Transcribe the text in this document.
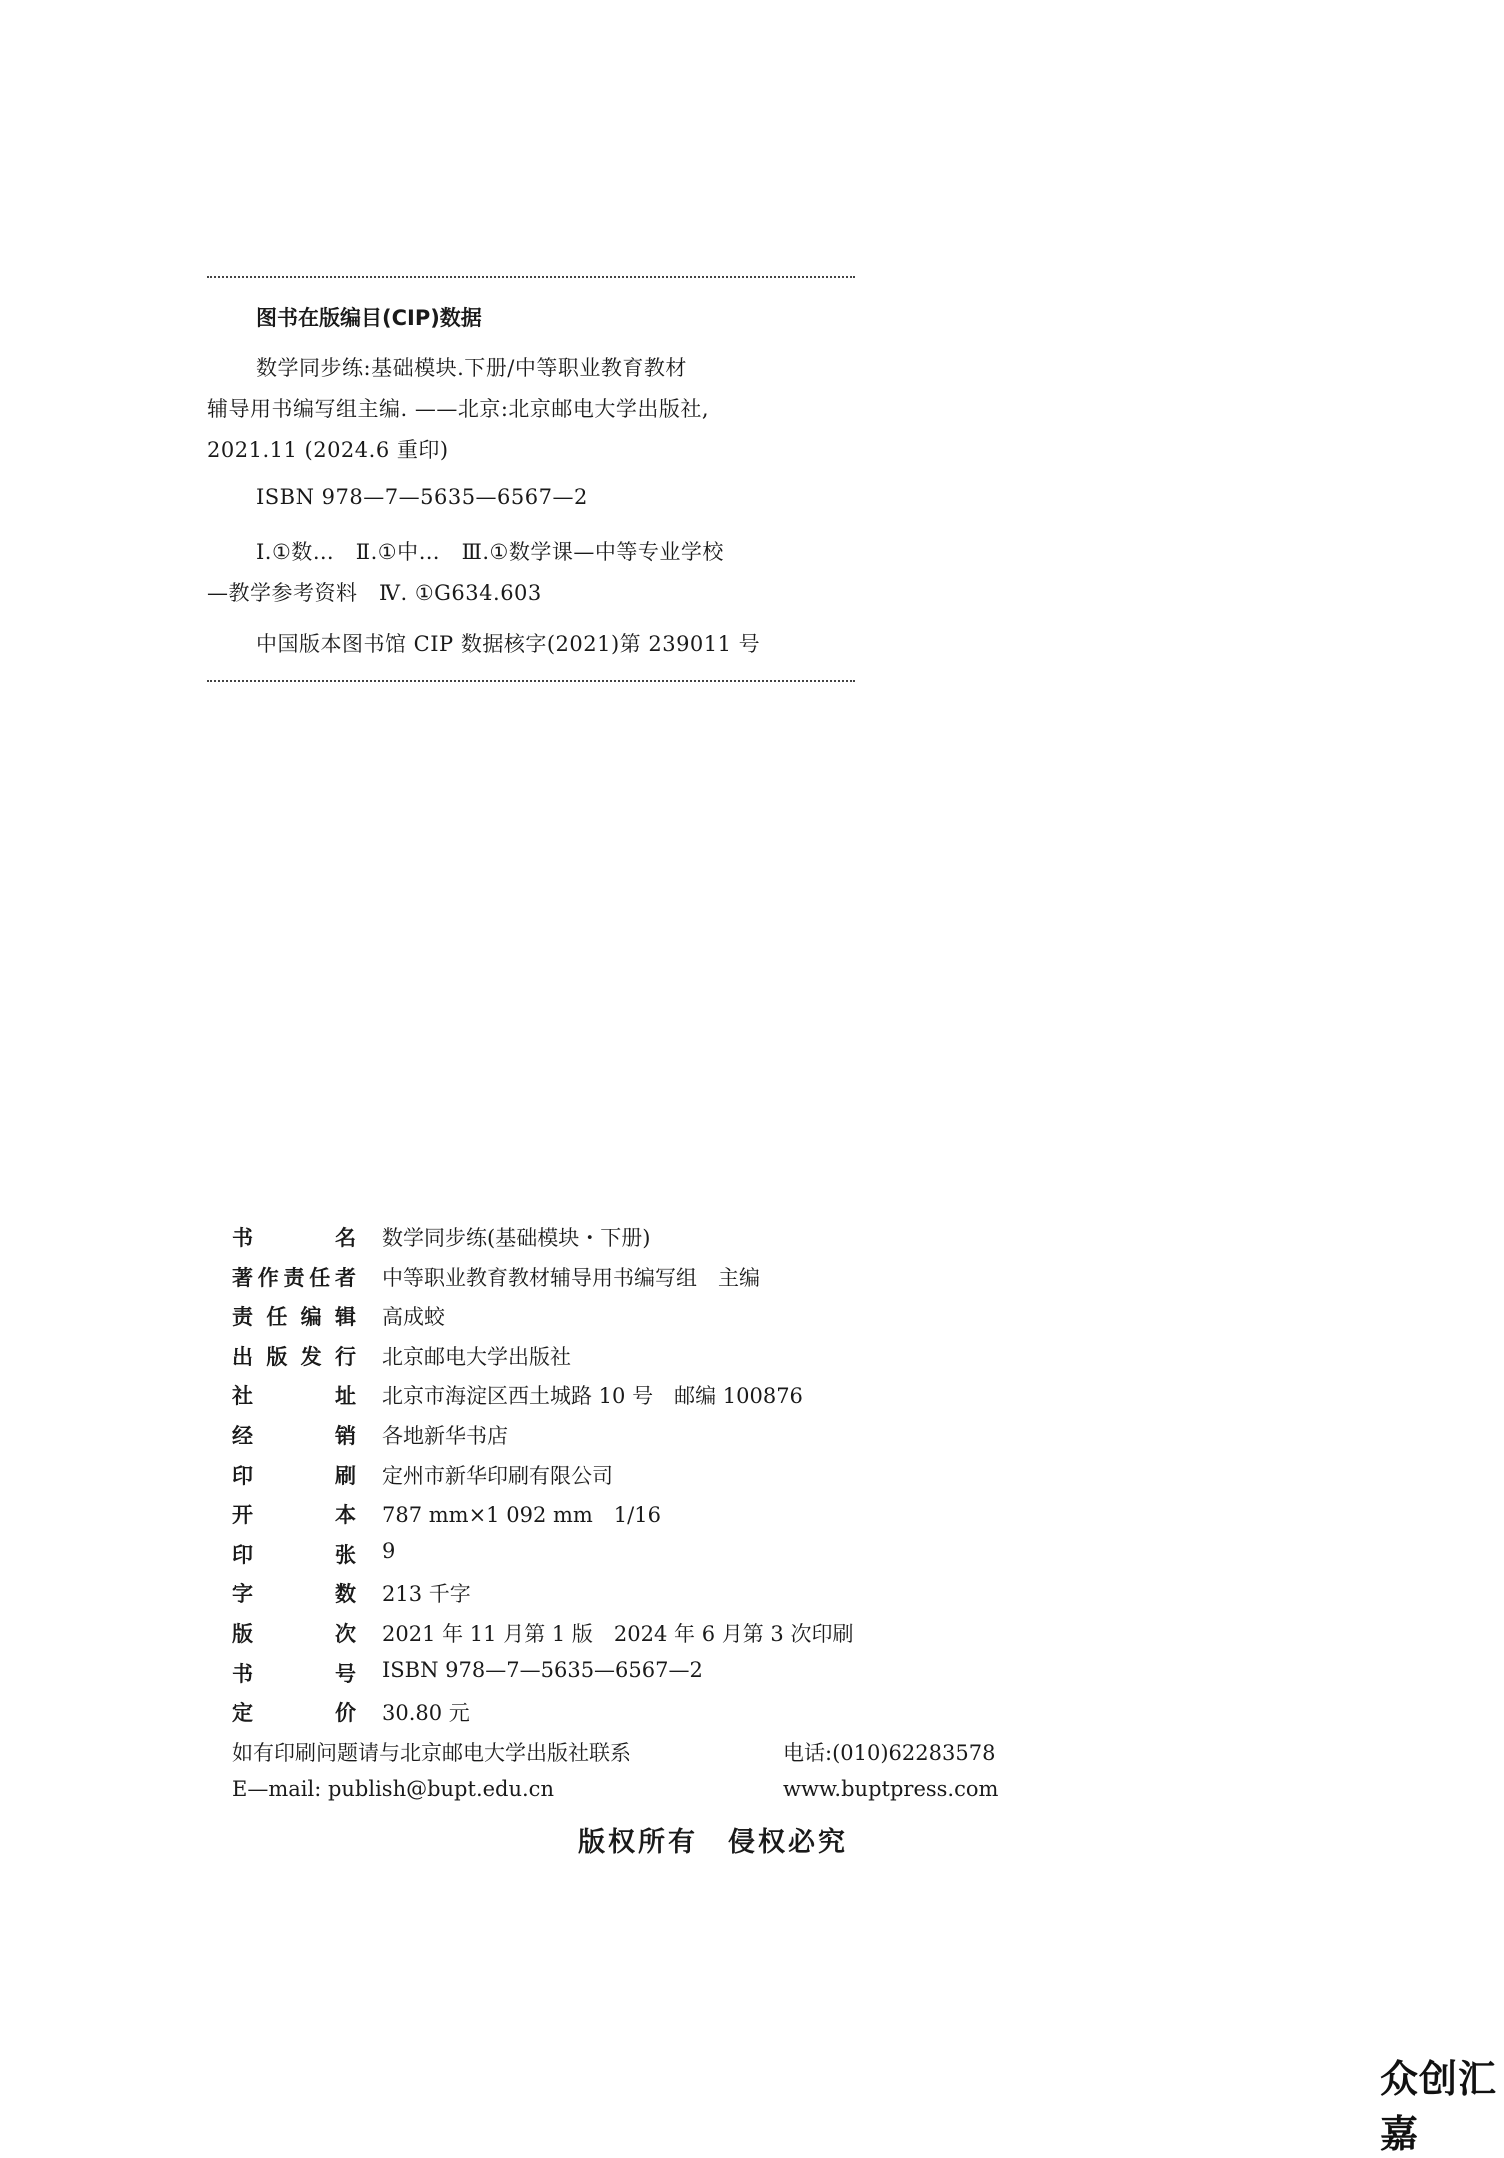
图书在版编目(CIP)数据
数学同步练:基础模块.下册/中等职业教育教材
辅导用书编写组主编. ——北京:北京邮电大学出版社,
2021.11 (2024.6 重印)
ISBN 978—7—5635—6567—2
Ⅰ.①数…　Ⅱ.①中…　Ⅲ.①数学课—中等专业学校
—教学参考资料　Ⅳ. ①G634.603
中国版本图书馆 CIP 数据核字(2021)第 239011 号
书	名 数学同步练(基础模块・下册)
著 作 责 任 者 中等职业教育教材辅导用书编写组　主编
责 任 编 辑 高成蛟
出 版 发 行 北京邮电大学出版社
社	址 北京市海淀区西土城路 10 号　邮编 100876
经	销 各地新华书店
印	刷 定州市新华印刷有限公司
开	本 787 mm×1 092 mm　1/16
印	张 9
字	数 213 千字
版	次 2021 年 11 月第 1 版　2024 年 6 月第 3 次印刷
书	号 ISBN 978—7—5635—6567—2
定	价 30.80 元
如有印刷问题请与北京邮电大学出版社联系	电话:(010)62283578
E—mail: publish@bupt.edu.cn	www.buptpress.com
版权所有　侵权必究
众创汇嘉
